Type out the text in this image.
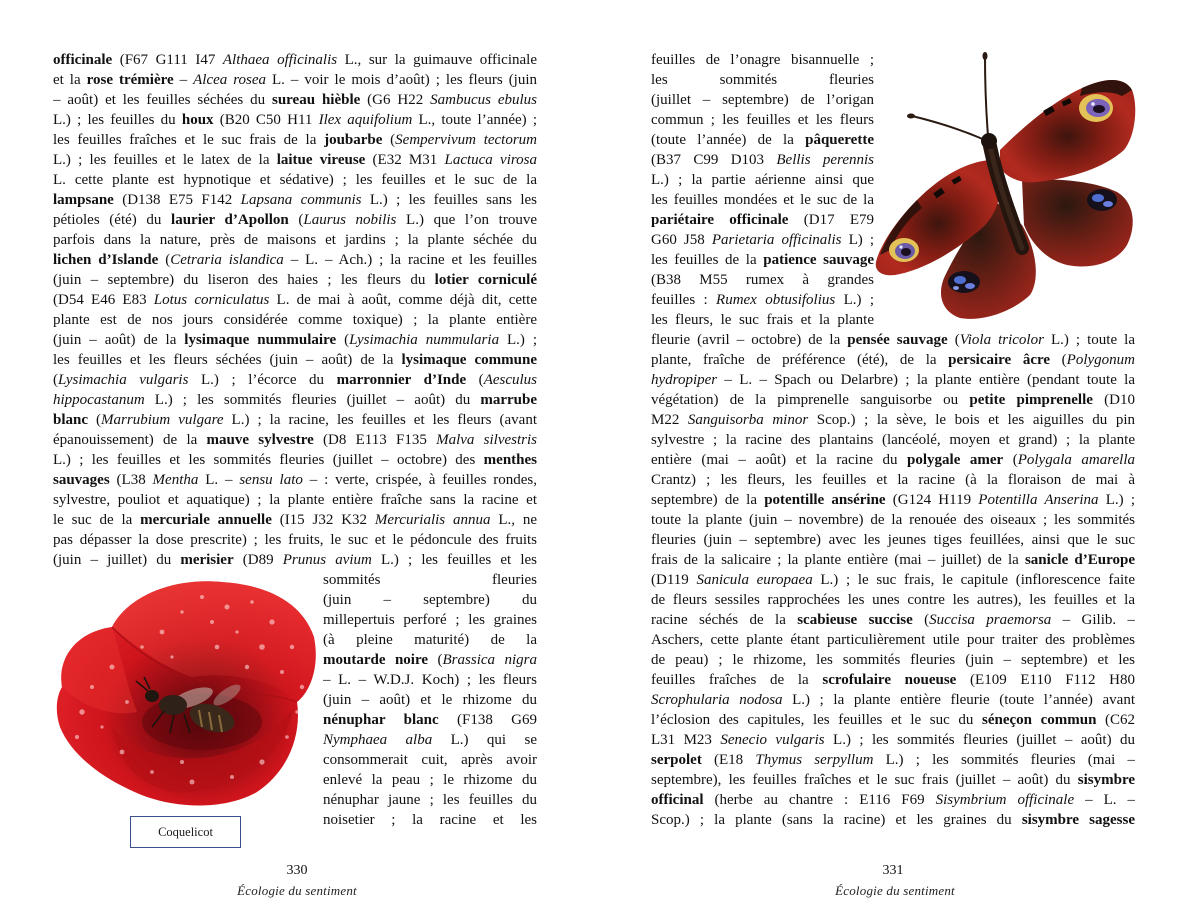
officinale (F67 G111 I47 Althaea officinalis L., sur la guimauve officinale
et la rose trémière – Alcea rosea L. – voir le mois d’août) ; les fleurs (juin
– août) et les feuilles séchées du sureau hièble (G6 H22 Sambucus ebulus
L.) ; les feuilles du houx (B20 C50 H11 Ilex aquifolium L., toute l’année) ;
les feuilles fraîches et le suc frais de la joubarbe (Sempervivum tectorum
L.) ; les feuilles et le latex de la laitue vireuse (E32 M31 Lactuca virosa
L. cette plante est hypnotique et sédative) ; les feuilles et le suc de la
lampsane (D138 E75 F142 Lapsana communis L.) ; les feuilles sans les
pétioles (été) du laurier d’Apollon (Laurus nobilis L.) que l’on trouve
parfois dans la nature, près de maisons et jardins ; la plante séchée du
lichen d’Islande (Cetraria islandica – L. – Ach.) ; la racine et les feuilles
(juin – septembre) du liseron des haies ; les fleurs du lotier corniculé
(D54 E46 E83 Lotus corniculatus L. de mai à août, comme déjà dit, cette
plante est de nos jours considérée comme toxique) ; la plante entière
(juin – août) de la lysimaque nummulaire (Lysimachia nummularia L.) ;
les feuilles et les fleurs séchées (juin – août) de la lysimaque commune
(Lysimachia vulgaris L.) ; l’écorce du marronnier d’Inde (Aesculus
hippocastanum L.) ; les sommités fleuries (juillet – août) du marrube
blanc (Marrubium vulgare L.) ; la racine, les feuilles et les fleurs (avant
épanouissement) de la mauve sylvestre (D8 E113 F135 Malva silvestris
L.) ; les feuilles et les sommités fleuries (juillet – octobre) des menthes
sauvages (L38 Mentha L. – sensu lato – : verte, crispée, à feuilles rondes,
sylvestre, pouliot et aquatique) ; la plante entière fraîche sans la racine et
le suc de la mercuriale annuelle (I15 J32 K32 Mercurialis annua L., ne
pas dépasser la dose prescrite) ; les fruits, le suc et le pédoncule des fruits
(juin – juillet) du merisier (D89 Prunus avium L.) ; les feuilles et les
sommités fleuries
(juin – septembre) du
millepertuis perforé ; les graines
(à pleine maturité) de la
moutarde noire (Brassica nigra
– L. – W.D.J. Koch) ; les fleurs
(juin – août) et le rhizome du
nénuphar blanc (F138 G69
Nymphaea alba L.) qui se
consommerait cuit, après avoir
enlevé la peau ; le rhizome du
nénuphar jaune ; les feuilles du
noisetier ; la racine et les
Coquelicot
330
Écologie du sentiment
feuilles de l’onagre bisannuelle ;
les sommités fleuries
(juillet – septembre) de l’origan
commun ; les feuilles et les fleurs
(toute l’année) de la pâquerette
(B37 C99 D103 Bellis perennis
L.) ; la partie aérienne ainsi que
les feuilles mondées et le suc de la
pariétaire officinale (D17 E79
G60 J58 Parietaria officinalis L) ;
les feuilles de la patience sauvage
(B38 M55 rumex à grandes
feuilles : Rumex obtusifolius L.) ;
les fleurs, le suc frais et la plante
fleurie (avril – octobre) de la pensée sauvage (Viola tricolor L.) ; toute la
plante, fraîche de préférence (été), de la persicaire âcre (Polygonum
hydropiper – L. – Spach ou Delarbre) ; la plante entière (pendant toute la
végétation) de la pimprenelle sanguisorbe ou petite pimprenelle (D10
M22 Sanguisorba minor Scop.) ; la sève, le bois et les aiguilles du pin
sylvestre ; la racine des plantains (lancéolé, moyen et grand) ; la plante
entière (mai – août) et la racine du polygale amer (Polygala amarella
Crantz) ; les fleurs, les feuilles et la racine (à la floraison de mai à
septembre) de la potentille ansérine (G124 H119 Potentilla Anserina L.) ;
toute la plante (juin – novembre) de la renouée des oiseaux ; les sommités
fleuries (juin – septembre) avec les jeunes tiges feuillées, ainsi que le suc
frais de la salicaire ; la plante entière (mai – juillet) de la sanicle d’Europe
(D119 Sanicula europaea L.) ; le suc frais, le capitule (inflorescence faite
de fleurs sessiles rapprochées les unes contre les autres), les feuilles et la
racine séchés de la scabieuse succise (Succisa praemorsa – Gilib. –
Aschers, cette plante étant particulièrement utile pour traiter des problèmes
de peau) ; le rhizome, les sommités fleuries (juin – septembre) et les
feuilles fraîches de la scrofulaire noueuse (E109 E110 F112 H80
Scrophularia nodosa L.) ; la plante entière fleurie (toute l’année) avant
l’éclosion des capitules, les feuilles et le suc du séneçon commun (C62
L31 M23 Senecio vulgaris L.) ; les sommités fleuries (juillet – août) du
serpolet (E18 Thymus serpyllum L.) ; les sommités fleuries (mai –
septembre), les feuilles fraîches et le suc frais (juillet – août) du sisymbre
officinal (herbe au chantre : E116 F69 Sisymbrium officinale – L. –
Scop.) ; la plante (sans la racine) et les graines du sisymbre sagesse
331
Écologie du sentiment
